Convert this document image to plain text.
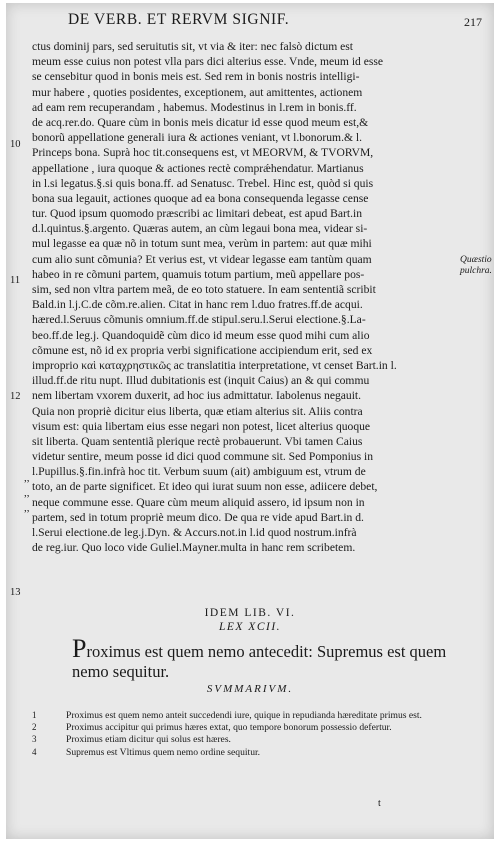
DE VERB. ET RERVM SIGNIF.	217
ctus dominij pars, sed seruitutis sit, vt via & iter: nec falsò dictum est
meum esse cuius non potest vlla pars dici alterius esse. Vnde, meum id esse
se censebitur quod in bonis meis est. Sed rem in bonis nostris intelligi-
mur habere , quoties posidentes, exceptionem, aut amittentes, actionem
ad eam rem recuperandam , habemus. Modestinus in l.rem in bonis.ff.
de acq.rer.do. Quare cùm in bonis meis dicatur id esse quod meum est,&
bonorũ appellatione generali iura & actiones veniant, vt l.bonorum.& l.
Princeps bona. Suprà hoc tit.consequens est, vt MEORVM, & TVORVM,
appellatione , iura quoque & actiones rectè comprǽhendatur. Martianus
in l.si legatus.§.si quis bona.ff. ad Senatusc. Trebel. Hinc est, quòd si quis
bona sua legauit, actiones quoque ad ea bona consequenda legasse cense
tur. Quod ipsum quomodo præscribi ac limitari debeat, est apud Bart.in
d.l.quintus.§.argento. Quæras autem, an cùm legaui bona mea, videar si-
mul legasse ea quæ nõ in totum sunt mea, verùm in partem: aut quæ mihi
cum alio sunt cõmunia? Et verius est, vt videar legasse eam tantùm quam
habeo in re cõmuni partem, quamuis totum partium, meũ appellare pos-
sim, sed non vltra partem meã, de eo toto statuere. In eam sententiã scribit
Bald.in l.j.C.de cõm.re.alien. Citat in hanc rem l.duo fratres.ff.de acqui.
hæred.l.Seruus cõmunis omnium.ff.de stipul.seru.l.Serui electione.§.La-
beo.ff.de leg.j. Quandoquidẽ cùm dico id meum esse quod mihi cum alio
cõmune est, nõ id ex propria verbi significatione accipiendum erit, sed ex
improprio καὶ καταχρηστικῶς ac translatitia interpretatione, vt censet Bart.in l.
illud.ff.de ritu nupt. Illud dubitationis est (inquit Caius) an & qui commu
nem libertam vxorem duxerit, ad hoc ius admittatur. Iabolenus negauit.
Quia non propriè dicitur eius liberta, quæ etiam alterius sit. Aliis contra
visum est: quia libertam eius esse negari non potest, licet alterius quoque
sit liberta. Quam sententiã plerique rectè probauerunt. Vbi tamen Caius
videtur sentire, meum posse id dici quod commune sit. Sed Pomponius in
l.Pupillus.§.fin.infrà hoc tit. Verbum suum (ait) ambiguum est, vtrum de
toto, an de parte significet. Et ideo qui iurat suum non esse, adiicere debet,
neque commune esse. Quare cùm meum aliquid assero, id ipsum non in
partem, sed in totum propriè meum dico. De qua re vide apud Bart.in d.
l.Serui electione.de leg.j.Dyn. & Accurs.not.in l.id quod nostrum.infrà
de reg.iur. Quo loco vide Guliel.Mayner.multa in hanc rem scribetem.
10
11
12
13
Quæstio
pulchra.
,,
,,
,,
IDEM LIB. VI.
LEX XCII.
Proximus est quem nemo antecedit: Supremus est quem
nemo sequitur.
SVMMARIVM.
1	Proximus est quem nemo anteit succedendi iure, quique in repudianda hæreditate primus est.
2	Proximus accipitur qui primus hæres extat, quo tempore bonorum possessio defertur.
3	Proximus etiam dicitur qui solus est hæres.
4	Supremus est Vltimus quem nemo ordine sequitur.
t
